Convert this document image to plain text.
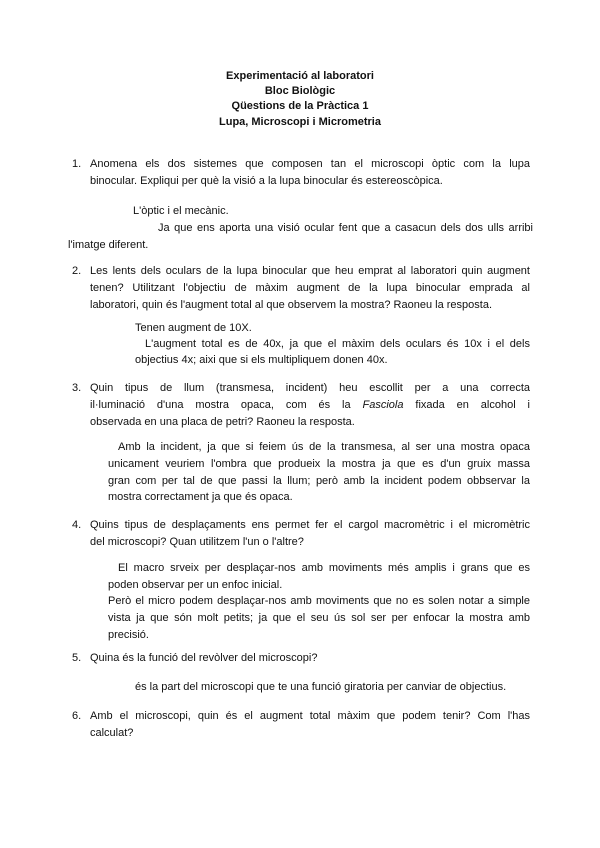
Experimentació al laboratori
Bloc Biològic
Qüestions de la Pràctica 1
Lupa, Microscopi i Micrometria
1. Anomena els dos sistemes que composen tan el microscopi òptic com la lupa
binocular. Expliqui per què la visió a la lupa binocular és estereoscòpica.
L'òptic i el mecànic.
Ja que ens aporta una visió ocular fent que a casacun dels dos ulls arribi
l'imatge diferent.
2. Les lents dels oculars de la lupa binocular que heu emprat al laboratori quin augment
tenen? Utilitzant l'objectiu de màxim augment de la lupa binocular emprada al
laboratori, quin és l'augment total al que observem la mostra? Raoneu la resposta.
Tenen augment de 10X.
L'augment total es de 40x, ja que el màxim dels oculars és 10x i el dels
objectius 4x; aixi que si els multipliquem donen 40x.
3. Quin tipus de llum (transmesa, incident) heu escollit per a una correcta
il·luminació d'una mostra opaca, com és la Fasciola fixada en alcohol i
observada en una placa de petri? Raoneu la resposta.
Amb la incident, ja que si feiem ús de la transmesa, al ser una mostra opaca
unicament veuriem l'ombra que produeix la mostra ja que es d'un gruix massa
gran com per tal de que passi la llum; però amb la incident podem obbservar la
mostra correctament ja que és opaca.
4. Quins tipus de desplaçaments ens permet fer el cargol macromètric i el micromètric
del microscopi? Quan utilitzem l'un o l'altre?
El macro srveix per desplaçar-nos amb moviments més amplis i grans que es
poden observar per un enfoc inicial.
Però el micro podem desplaçar-nos amb moviments que no es solen notar a simple
vista ja que són molt petits; ja que el seu ús sol ser per enfocar la mostra amb
precisió.
5. Quina és la funció del revòlver del microscopi?
és la part del microscopi que te una funció giratoria per canviar de objectius.
6. Amb el microscopi, quin és el augment total màxim que podem tenir? Com l'has
calculat?
